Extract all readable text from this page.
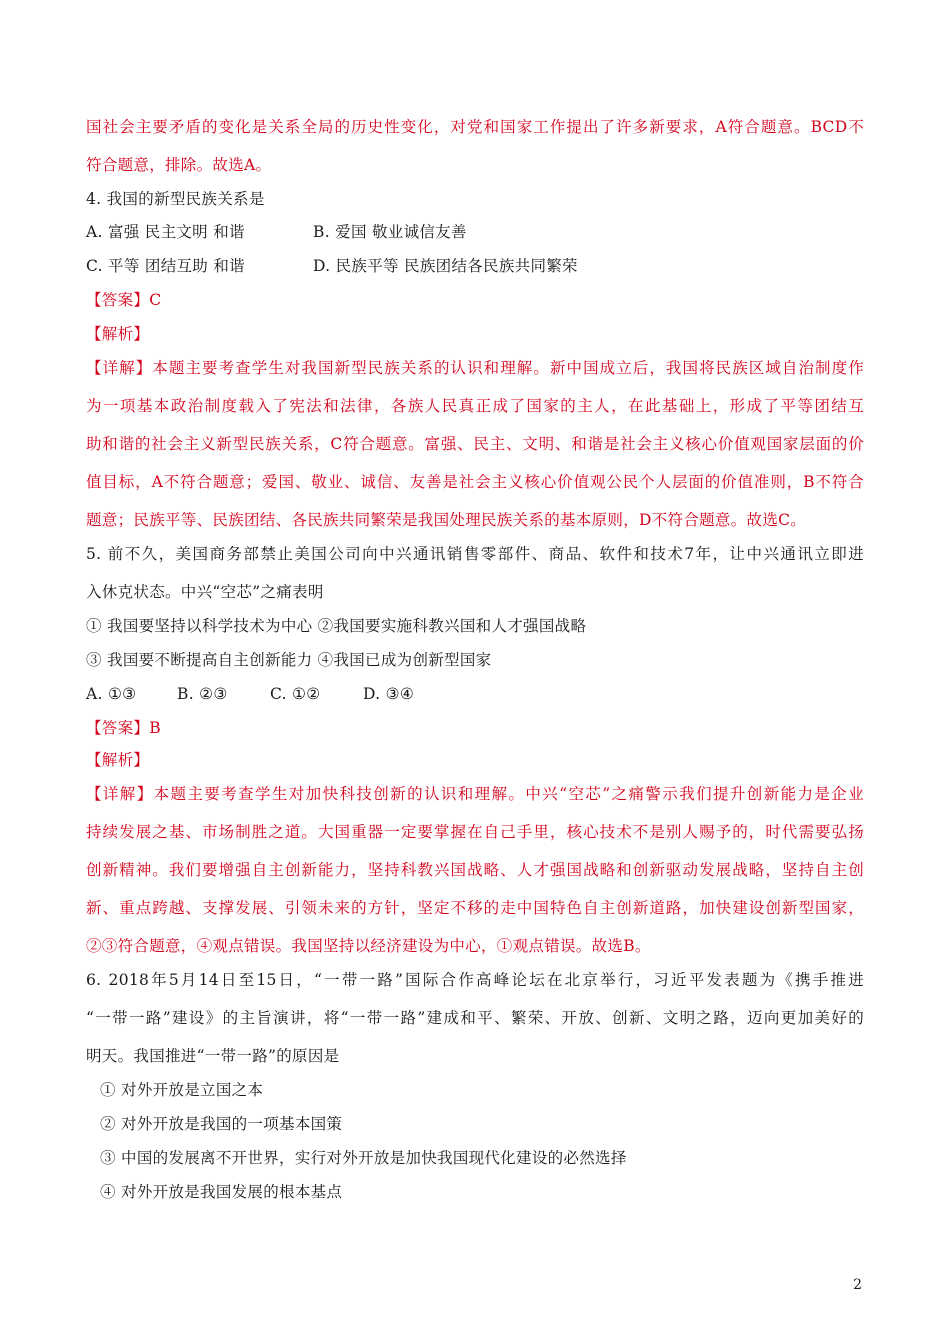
国社会主要矛盾的变化是关系全局的历史性变化，对党和国家工作提出了许多新要求，A符合题意。BCD不
符合题意，排除。故选A。
4. 我国的新型民族关系是
A. 富强 民主文明 和谐	B. 爱国 敬业诚信友善
C. 平等 团结互助 和谐	D. 民族平等 民族团结各民族共同繁荣
【答案】C
【解析】
【详解】本题主要考查学生对我国新型民族关系的认识和理解。新中国成立后，我国将民族区域自治制度作
为一项基本政治制度载入了宪法和法律，各族人民真正成了国家的主人，在此基础上，形成了平等团结互
助和谐的社会主义新型民族关系，C符合题意。富强、民主、文明、和谐是社会主义核心价值观国家层面的价
值目标，A不符合题意；爱国、敬业、诚信、友善是社会主义核心价值观公民个人层面的价值准则，B不符合
题意；民族平等、民族团结、各民族共同繁荣是我国处理民族关系的基本原则，D不符合题意。故选C。
5. 前不久，美国商务部禁止美国公司向中兴通讯销售零部件、商品、软件和技术7年，让中兴通讯立即进
入休克状态。中兴“空芯”之痛表明
① 我国要坚持以科学技术为中心 ②我国要实施科教兴国和人才强国战略
③ 我国要不断提高自主创新能力 ④我国已成为创新型国家
A. ①③	B. ②③	C. ①②	D. ③④
【答案】B
【解析】
【详解】本题主要考查学生对加快科技创新的认识和理解。中兴“空芯”之痛警示我们提升创新能力是企业
持续发展之基、市场制胜之道。大国重器一定要掌握在自己手里，核心技术不是别人赐予的，时代需要弘扬
创新精神。我们要增强自主创新能力，坚持科教兴国战略、人才强国战略和创新驱动发展战略，坚持自主创
新、重点跨越、支撑发展、引领未来的方针，坚定不移的走中国特色自主创新道路，加快建设创新型国家，
②③符合题意，④观点错误。我国坚持以经济建设为中心，①观点错误。故选B。
6. 2018年5月14日至15日，“一带一路”国际合作高峰论坛在北京举行，习近平发表题为《携手推进
“一带一路”建设》的主旨演讲，将“一带一路”建成和平、繁荣、开放、创新、文明之路，迈向更加美好的
明天。我国推进“一带一路”的原因是
① 对外开放是立国之本
② 对外开放是我国的一项基本国策
③ 中国的发展离不开世界，实行对外开放是加快我国现代化建设的必然选择
④ 对外开放是我国发展的根本基点
2
